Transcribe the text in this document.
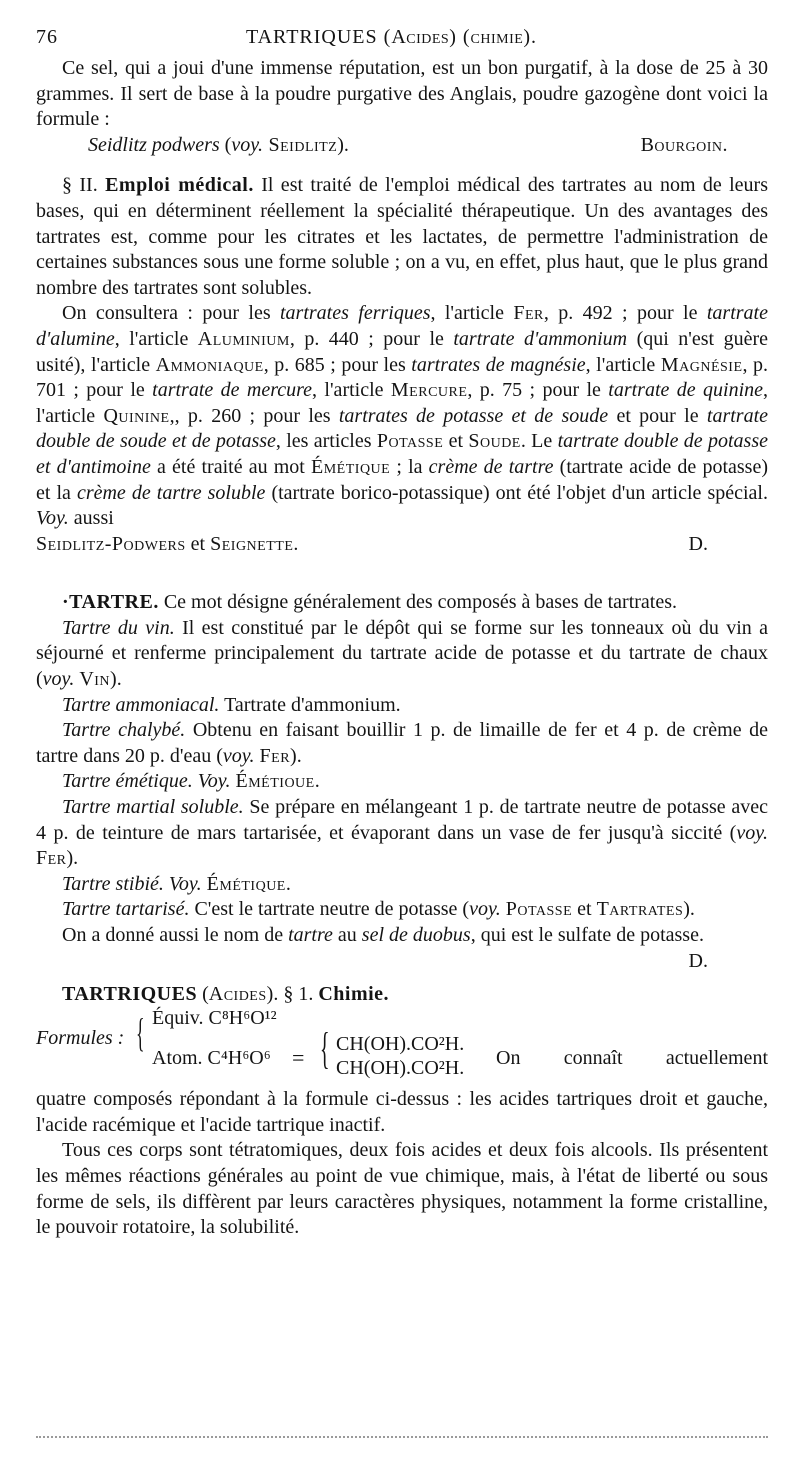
76	TARTRIQUES (Acides) (chimie).

Ce sel, qui a joui d'une immense réputation, est un bon purgatif, à la dose de 25 à 30 grammes. Il sert de base à la poudre purgative des Anglais, poudre gazogène dont voici la formule :

Seidlitz podwers (voy. Seidlitz).	Bourgoin.

§ II. Emploi médical. Il est traité de l'emploi médical des tartrates au nom de leurs bases, qui en déterminent réellement la spécialité thérapeutique. Un des avantages des tartrates est, comme pour les citrates et les lactates, de permettre l'administration de certaines substances sous une forme soluble ; on a vu, en effet, plus haut, que le plus grand nombre des tartrates sont solubles.

On consultera : pour les tartrates ferriques, l'article Fer, p. 492 ; pour le tartrate d'alumine, l'article Aluminium, p. 440 ; pour le tartrate d'ammonium (qui n'est guère usité), l'article Ammoniaque, p. 685 ; pour les tartrates de magnésie, l'article Magnésie, p. 701 ; pour le tartrate de mercure, l'article Mercure, p. 75 ; pour le tartrate de quinine, l'article Quinine,, p. 260 ; pour les tartrates de potasse et de soude et pour le tartrate double de soude et de potasse, les articles Potasse et Soude. Le tartrate double de potasse et d'antimoine a été traité au mot Émétique ; la crème de tartre (tartrate acide de potasse) et la crème de tartre soluble (tartrate borico-potassique) ont été l'objet d'un article spécial. Voy. aussi

Seidlitz-Podwers et Seignette.	D.

·TARTRE. Ce mot désigne généralement des composés à bases de tartrates.

Tartre du vin. Il est constitué par le dépôt qui se forme sur les tonneaux où du vin a séjourné et renferme principalement du tartrate acide de potasse et du tartrate de chaux (voy. Vin).

Tartre ammoniacal. Tartrate d'ammonium.

Tartre chalybé. Obtenu en faisant bouillir 1 p. de limaille de fer et 4 p. de crème de tartre dans 20 p. d'eau (voy. Fer).

Tartre émétique. Voy. Émétioue.

Tartre martial soluble. Se prépare en mélangeant 1 p. de tartrate neutre de potasse avec 4 p. de teinture de mars tartarisée, et évaporant dans un vase de fer jusqu'à siccité (voy. Fer).

Tartre stibié. Voy. Émétique.

Tartre tartarisé. C'est le tartrate neutre de potasse (voy. Potasse et Tartrates).

On a donné aussi le nom de tartre au sel de duobus, qui est le sulfate de potasse.
D.

TARTRIQUES (Acides). § 1. Chimie.

Formules : { Équiv. C⁸H⁶O¹²
Atom. C⁴H⁶O⁶ = { CH(OH).CO²H.
CH(OH).CO²H. On connaît actuellement

quatre composés répondant à la formule ci-dessus : les acides tartriques droit et gauche, l'acide racémique et l'acide tartrique inactif.

Tous ces corps sont tétratomiques, deux fois acides et deux fois alcools. Ils présentent les mêmes réactions générales au point de vue chimique, mais, à l'état de liberté ou sous forme de sels, ils diffèrent par leurs caractères physiques, notamment la forme cristalline, le pouvoir rotatoire, la solubilité.
